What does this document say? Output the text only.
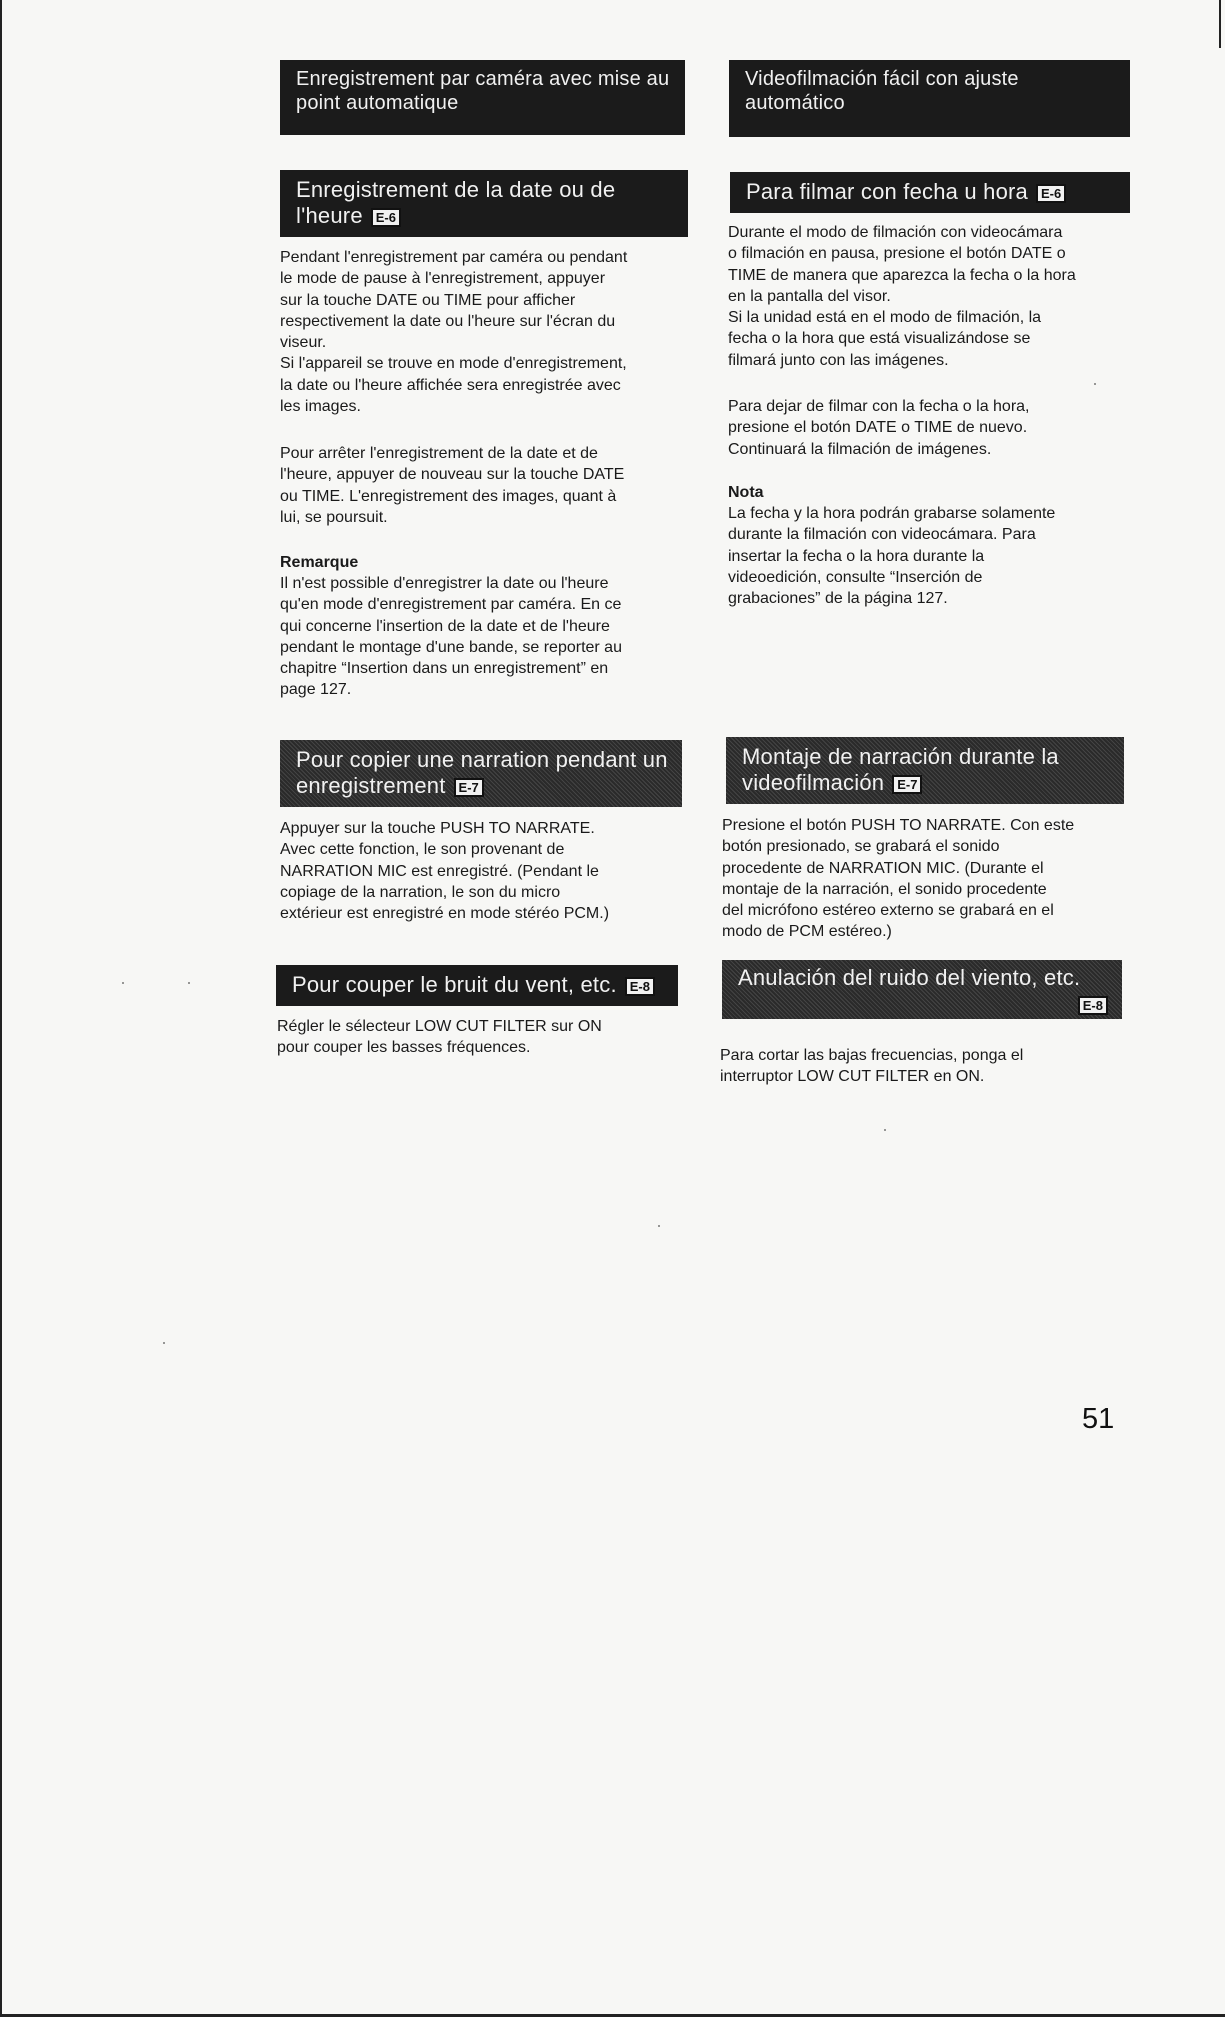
Enregistrement par caméra avec mise au point automatique
Enregistrement de la date ou de l'heure E-6

Pendant l'enregistrement par caméra ou pendant
le mode de pause à l'enregistrement, appuyer
sur la touche DATE ou TIME pour afficher
respectivement la date ou l'heure sur l'écran du
viseur.
Si l'appareil se trouve en mode d'enregistrement,
la date ou l'heure affichée sera enregistrée avec
les images.

Pour arrêter l'enregistrement de la date et de
l'heure, appuyer de nouveau sur la touche DATE
ou TIME. L'enregistrement des images, quant à
lui, se poursuit.

Remarque

Il n'est possible d'enregistrer la date ou l'heure
qu'en mode d'enregistrement par caméra. En ce
qui concerne l'insertion de la date et de l'heure
pendant le montage d'une bande, se reporter au
chapitre “Insertion dans un enregistrement” en
page 127.

Pour copier une narration pendant un enregistrement E-7

Appuyer sur la touche PUSH TO NARRATE.
Avec cette fonction, le son provenant de
NARRATION MIC est enregistré. (Pendant le
copiage de la narration, le son du micro
extérieur est enregistré en mode stéréo PCM.)

Pour couper le bruit du vent, etc. E-8

Régler le sélecteur LOW CUT FILTER sur ON
pour couper les basses fréquences.

Videofilmación fácil con ajuste automático
Para filmar con fecha u hora E-6

Durante el modo de filmación con videocámara
o filmación en pausa, presione el botón DATE o
TIME de manera que aparezca la fecha o la hora
en la pantalla del visor.
Si la unidad está en el modo de filmación, la
fecha o la hora que está visualizándose se
filmará junto con las imágenes.

Para dejar de filmar con la fecha o la hora,
presione el botón DATE o TIME de nuevo.
Continuará la filmación de imágenes.

Nota

La fecha y la hora podrán grabarse solamente
durante la filmación con videocámara. Para
insertar la fecha o la hora durante la
videoedición, consulte “Inserción de
grabaciones” de la página 127.

Montaje de narración durante la videofilmación E-7

Presione el botón PUSH TO NARRATE. Con este
botón presionado, se grabará el sonido
procedente de NARRATION MIC. (Durante el
montaje de la narración, el sonido procedente
del micrófono estéreo externo se grabará en el
modo de PCM estéreo.)

Anulación del ruido del viento, etc.
E-8

Para cortar las bajas frecuencias, ponga el
interruptor LOW CUT FILTER en ON.

51
